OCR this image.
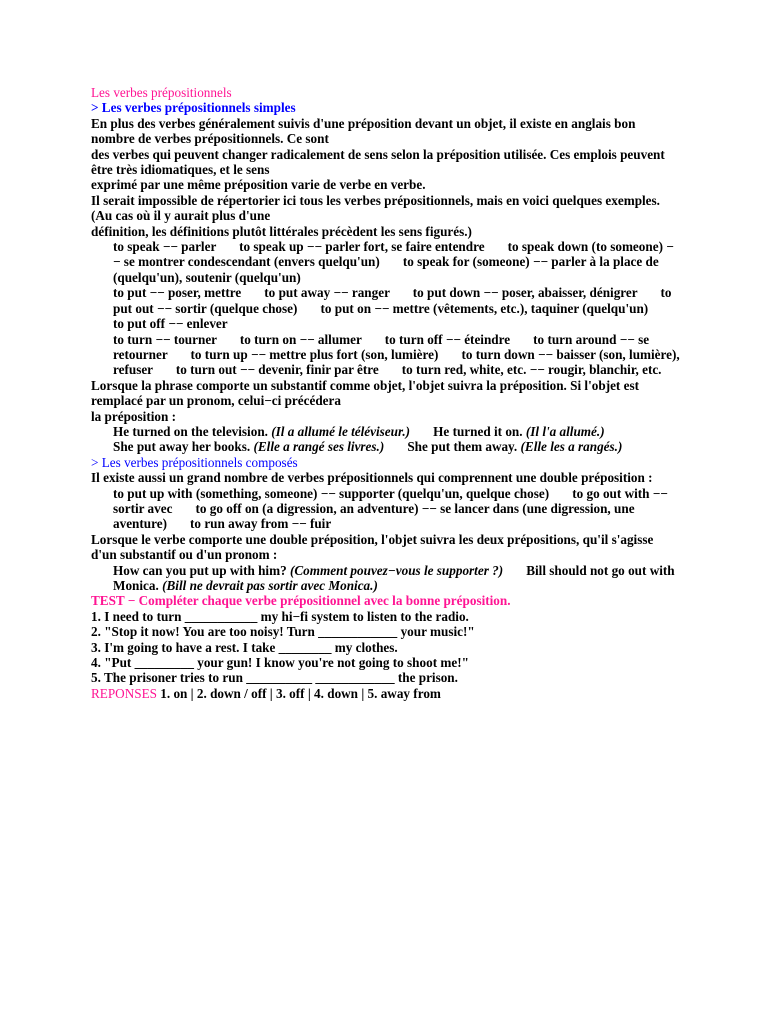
Les verbes prépositionnels
> Les verbes prépositionnels simples
En plus des verbes généralement suivis d'une préposition devant un objet, il existe en anglais bon nombre de verbes prépositionnels. Ce sont
des verbes qui peuvent changer radicalement de sens selon la préposition utilisée. Ces emplois peuvent être très idiomatiques, et le sens
exprimé par une même préposition varie de verbe en verbe.
Il serait impossible de répertorier ici tous les verbes prépositionnels, mais en voici quelques exemples. (Au cas où il y aurait plus d'une
définition, les définitions plutôt littérales précèdent les sens figurés.)
to speak −− parler       to speak up −− parler fort, se faire entendre       to speak down (to someone) −− se montrer condescendant (envers quelqu'un)       to speak for (someone) −− parler à la place de (quelqu'un), soutenir (quelqu'un)
to put −− poser, mettre       to put away −− ranger       to put down −− poser, abaisser, dénigrer       to put out −− sortir (quelque chose)       to put on −− mettre (vêtements, etc.), taquiner (quelqu'un)       to put off −− enlever
to turn −− tourner       to turn on −− allumer       to turn off −− éteindre       to turn around −− se retourner       to turn up −− mettre plus fort (son, lumière)       to turn down −− baisser (son, lumière), refuser       to turn out −− devenir, finir par être       to turn red, white, etc. −− rougir, blanchir, etc.
Lorsque la phrase comporte un substantif comme objet, l'objet suivra la préposition. Si l'objet est remplacé par un pronom, celui−ci précédera
la préposition :
He turned on the television. (Il a allumé le téléviseur.)       He turned it on. (Il l'a allumé.)
She put away her books. (Elle a rangé ses livres.)       She put them away. (Elle les a rangés.)
> Les verbes prépositionnels composés
Il existe aussi un grand nombre de verbes prépositionnels qui comprennent une double préposition :
to put up with (something, someone) −− supporter (quelqu'un, quelque chose)       to go out with −− sortir avec       to go off on (a digression, an adventure) −− se lancer dans (une digression, une aventure)       to run away from −− fuir
Lorsque le verbe comporte une double préposition, l'objet suivra les deux prépositions, qu'il s'agisse d'un substantif ou d'un pronom :
How can you put up with him? (Comment pouvez−vous le supporter ?)       Bill should not go out with Monica. (Bill ne devrait pas sortir avec Monica.)
TEST − Compléter chaque verbe prépositionnel avec la bonne préposition.
1. I need to turn ___________ my hi−fi system to listen to the radio.
2. "Stop it now! You are too noisy! Turn ____________ your music!"
3. I'm going to have a rest. I take ________ my clothes.
4. "Put _________ your gun! I know you're not going to shoot me!"
5. The prisoner tries to run __________ ____________ the prison.
REPONSES 1. on | 2. down / off | 3. off | 4. down | 5. away from
